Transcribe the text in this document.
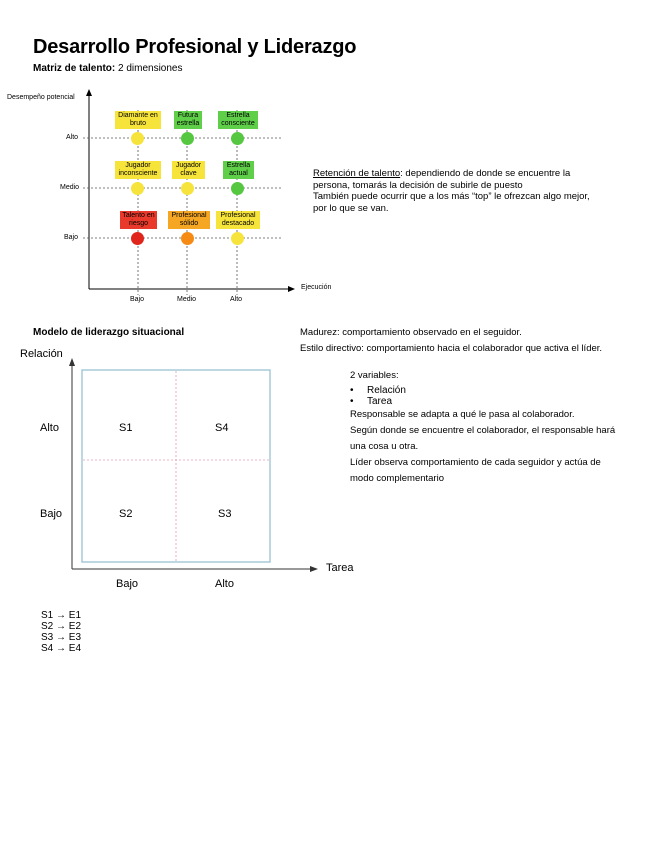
Desarrollo Profesional y Liderazgo
Matriz de talento: 2 dimensiones
Desempeño potencial
Ejecución
Alto
Medio
Bajo
Bajo	Medio	Alto
Diamante en
bruto
Futura
estrella
Estrella
consciente
Jugador
inconsciente
Jugador
clave
Estrella
actual
Talento en
riesgo
Profesional
sólido
Profesional
destacado
Retención de talento: dependiendo de donde se encuentre la
persona, tomarás la decisión de subirle de puesto
También puede ocurrir que a los más “top” le ofrezcan algo mejor,
por lo que se van.
Modelo de liderazgo situacional	Madurez: comportamiento observado en el seguidor.
Estilo directivo: comportamiento hacia el colaborador que activa el líder.
Relación
Tarea
Alto
Bajo
Bajo	Alto
S1	S4
S2	S3
2 variables:
• Relación
• Tarea
Responsable se adapta a qué le pasa al colaborador.
Según donde se encuentre el colaborador, el responsable hará
una cosa u otra.
Líder observa comportamiento de cada seguidor y actúa de
modo complementario
S1 → E1
S2 → E2
S3 → E3
S4 → E4
